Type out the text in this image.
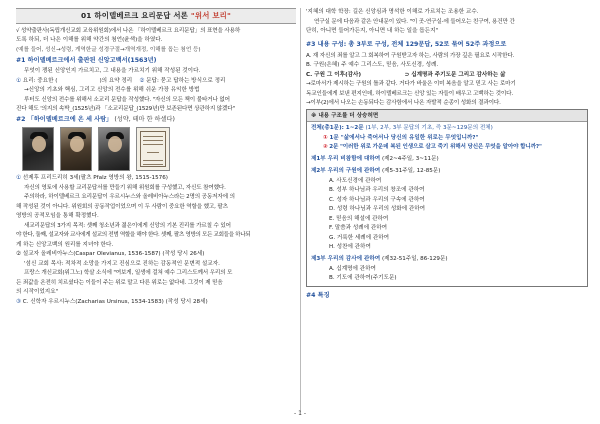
01 하이델베르크 요리문답 서론 "위서 보리"

√ 성약출판사(독립개신교회 교육위원회)에서 나온 「하이델베르크 요리문답」의 표현을 사용하

도록 하되, 더 나은 이해를 위해 약간의 첨언(윤색)을 하였다.

(예를 들어, 성신→성령, 게역한글 성경구절→개역개정, 이해를 돕는 첨언 등)

#1 하이델베르크에서 출판된 신앙고백서(1563년)

무엇이 쟁된 신앙인지 가르치고, 그 내용을 가르치기 위해 작성된 것이다.

① 요리: 중요한 (	)의 요약 정리 ② 문답: 묻고 답하는 방식으로 정리

→신앙의 기초와 핵심, 그리고 신앙의 전수를 위해 쉬운 가장 유익한 방법

루터도 신앙의 전수를 위해서 소교리 문답을 작성했다. "자신의 모든 책이 불타거나 없어

진다 해도 '의지의 속박_(1525년)과 「소교리문답_(1529년)만 보존된다면 상관하지 않겠다"

#2 「하이델베르크에 온 세 사람」 (성약, 테마 한 하셀다)

① 선제후 프리드리히 3세(팔츠 Pfalz 영방의 왕, 1515-1576)

자신의 영토에 사용할 교리문답서를 만들기 위해 위원회를 구성했고, 자신도 참여했다.

주의하라, 하이델베르크 요리문답이 우르시누스와 올레비아누스라는 2명의 공동저자에 의

해 작성된 것이 아니다. 위원회의 공동작업이었으며 이 두 사람이 중요한 역할을 했고, 팔츠

영방의 공적모임을 통해 확정했다.

새교리문답의 3가지 목적: 셋째 청소년과 젊은이에게 신앙의 기본 진리를 가르칠 수 있어

야 한다, 둘째, 설교자와 교사에게 설교의 전범 역할을 해야 한다. 셋째, 팔츠 영방의 모든 교회들을 하나되

게 하는 신앙고백의 원리를 지녀야 한다.

② 설교자 올레비아누스(Caspar Olevianus, 1536-1587) (작성 당시 26세)

'섬신 교회 목사: 적차적 소망을 가지고 진심으로 진하는 감동적인 문변적 설교자.

프랑스 개신교회(위그노) 학살 소식에 "여보게, 일생에 걸쳐 예수 그리스도께서 우리의 모

든 죄값을 온전히 치르셨다는 이들이 주는 위로 말고 다른 위로는 없다네. 그것이 제 믿음

의 시작이었지요"

③ C. 신학자 우르시누스(Zacharias Ursinus, 1534-1583) (작성 당시 28세)

'지혜의 대학 학장: 길은 신앙심과 명석한 이해로 가르치는 조용한 교수.

연구실 문에 다음과 같은 안내문이 있다. "이 곳-연구실-에 들어오는 친구여, 용건만 간

단히, 아니면 들어가든지, 아니면 내 하는 일을 돕든지"

#3 내용 구성: 총 3부로 구성, 전체 129문답, 52로 묶여 52주 과정으로

A. 재 자신의 죄를 알고 그 회복하여 구원받고자 하는, 사람의 가장 깊은 필요로 시작한다.

B. 구원(은혜) 주 예수 그리스도, 믿음, 사도신경, 성례.

C. 구원 그 이후(감사)	⊃ 십계명과 주기도문 그리고 감사하는 삶

→로마서가 제시하는 구원의 틀과 같다. 거다가 바울은 이미 복음을 알고 믿고 사는 로마기

독교인들에게 보낸 편지인데, 하이델베르크는 신앙 있는 자들이 배우고 고백하는 것이다.

→이부(2)에서 나오는 손동되다는 감사함에서 나온 자발적 순종이 성화의 결과이다.

※ 내용 구조를 더 상승허면

전체(총1문): 1~2문 (1부, 2부, 3부 문답의 기초, 즉 3문~129문의 전체)

① 1문 "삶에서나 죽어서나 당신의 유일한 위로는 무엇입니까?"

② 2문 "이러한 위로 가운데 복된 인생으로 살고 죽기 위해서 당신은 무엇을 알아야 합니까?"

제1부 우리 비참함에 대하여 (제2~4주일, 3~11문)

제2부 우리의 구원에 관하여 (제5-31주일, 12-85문)

A. 사도신경에 관하여

B. 성부 하나님과 우리의 창조에 관하여

C. 성자 하나님과 우리의 구속에 관하여

D. 성령 하나님과 우리의 성화에 관하여

E. 믿음의 해설에 관하여

F. 말씀과 성례에 관하여

G. 거룩한 세례에 관하여

H. 성찬에 관하여

제3부 우리의 감사에 관하여 (제32-51주일, 86-129문)

A. 십계명에 관하여

B. 기도에 관하여(주기도문)

#4 특징
- 1 -
